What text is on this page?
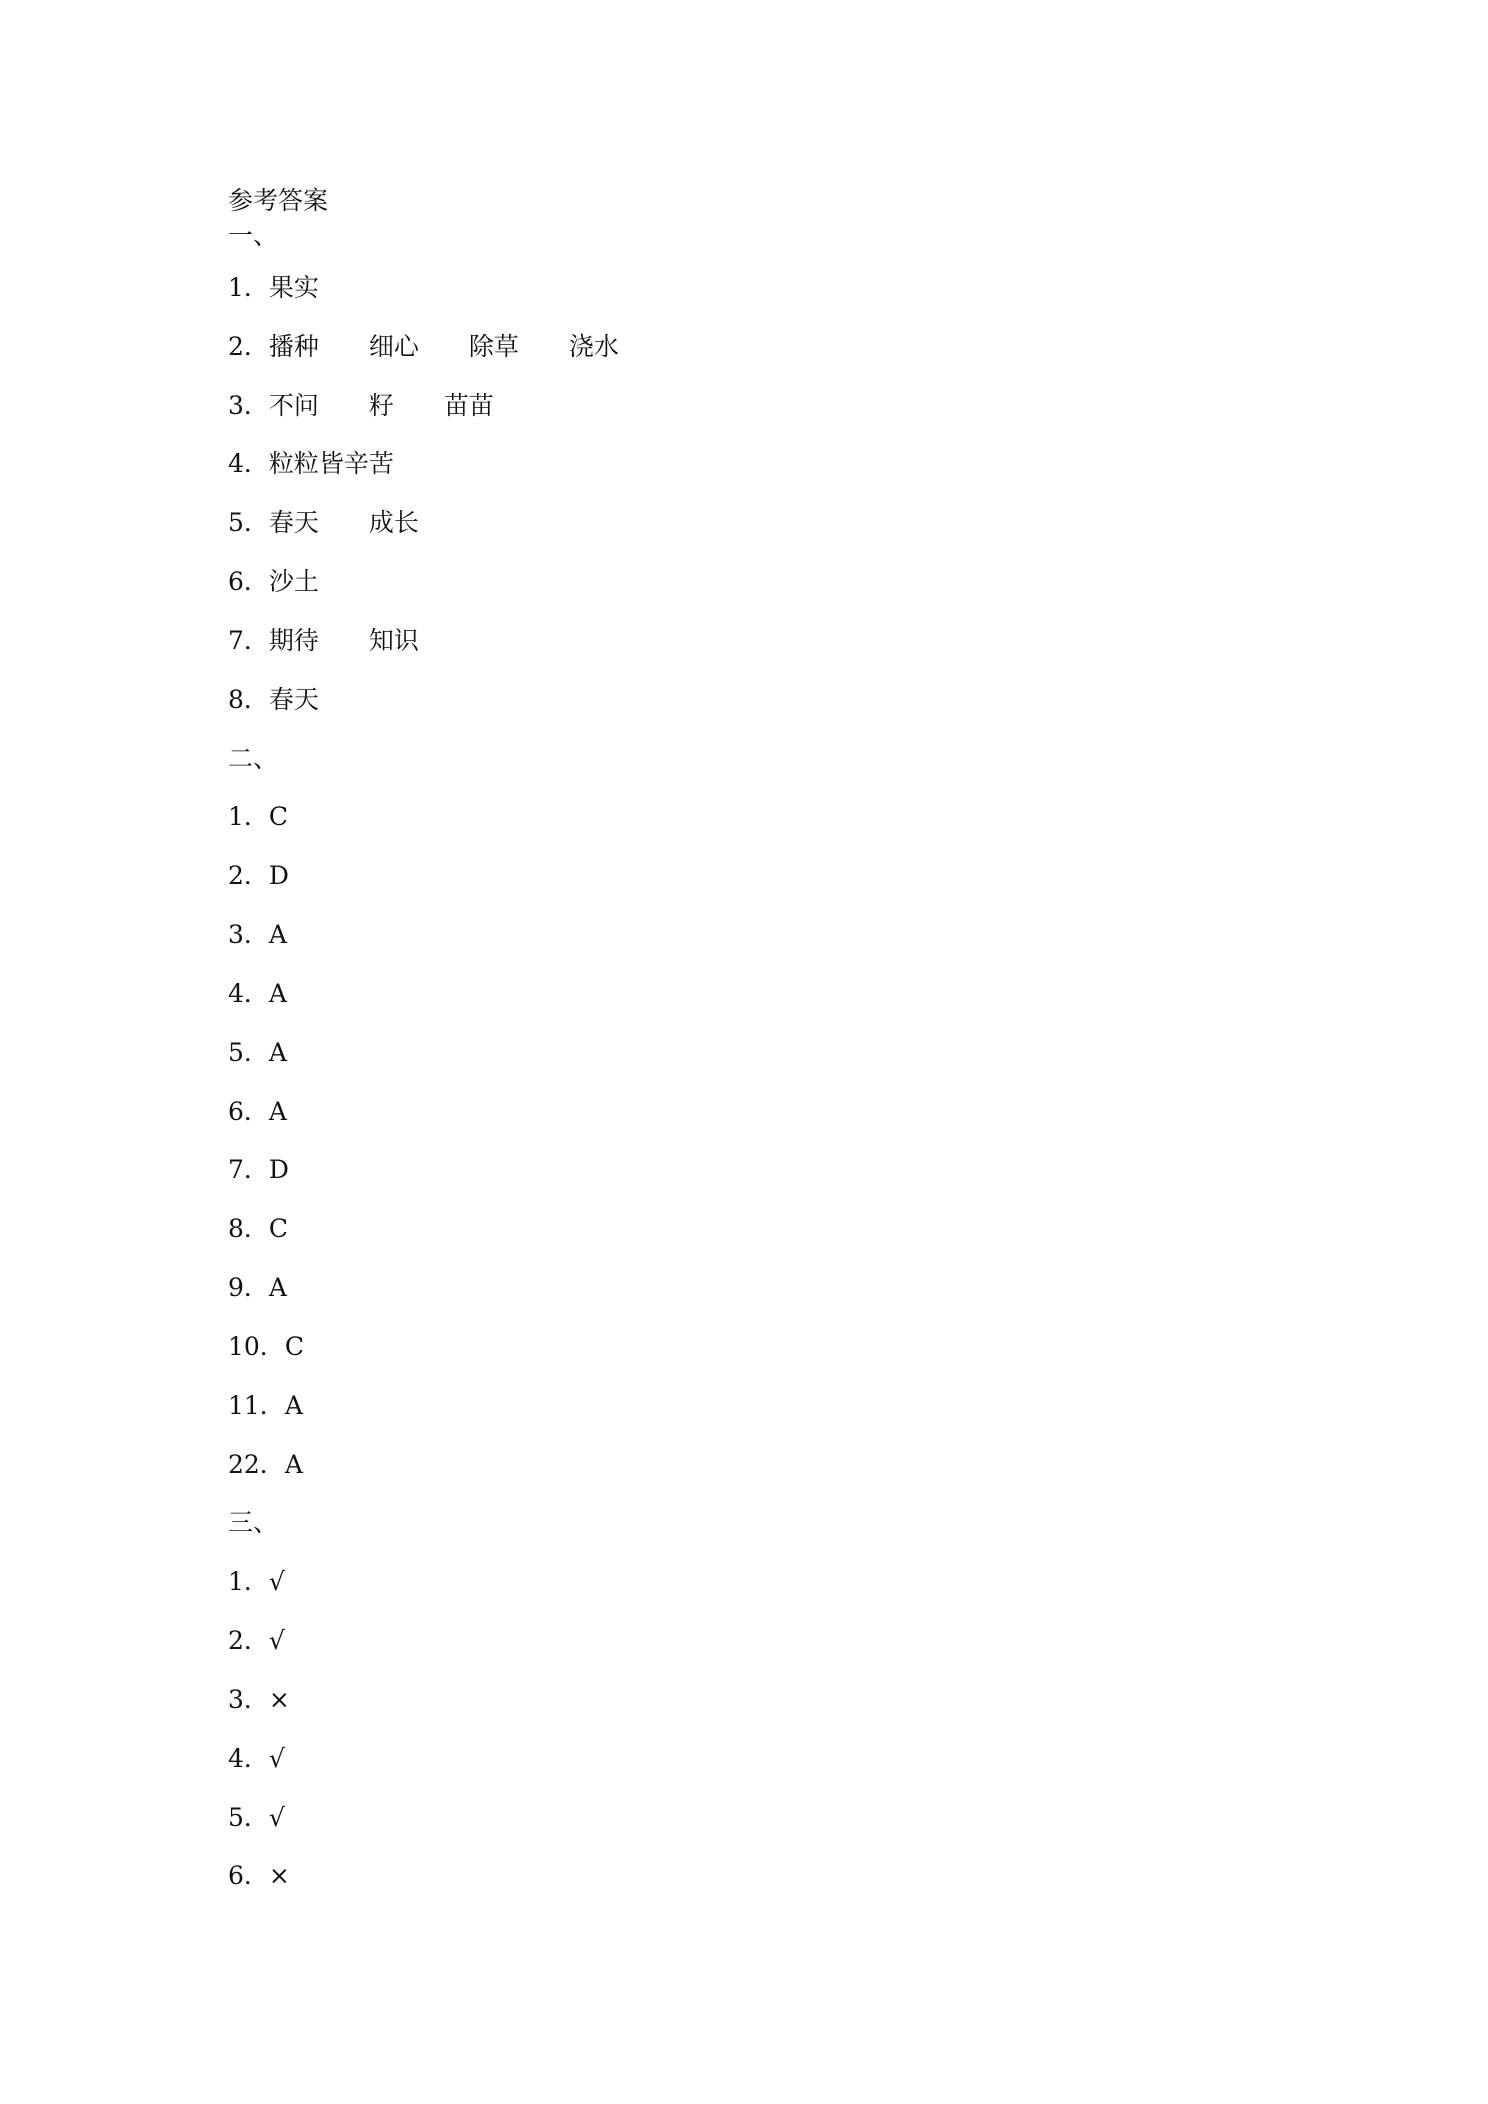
参考答案
一、
1．果实
2．播种　　细心　　除草　　浇水
3．不问　　籽　　苗苗
4．粒粒皆辛苦
5．春天　　成长
6．沙土
7．期待　　知识
8．春天
二、
1．C
2．D
3．A
4．A
5．A
6．A
7．D
8．C
9．A
10．C
11．A
22．A
三、
1．√
2．√
3．×
4．√
5．√
6．×
